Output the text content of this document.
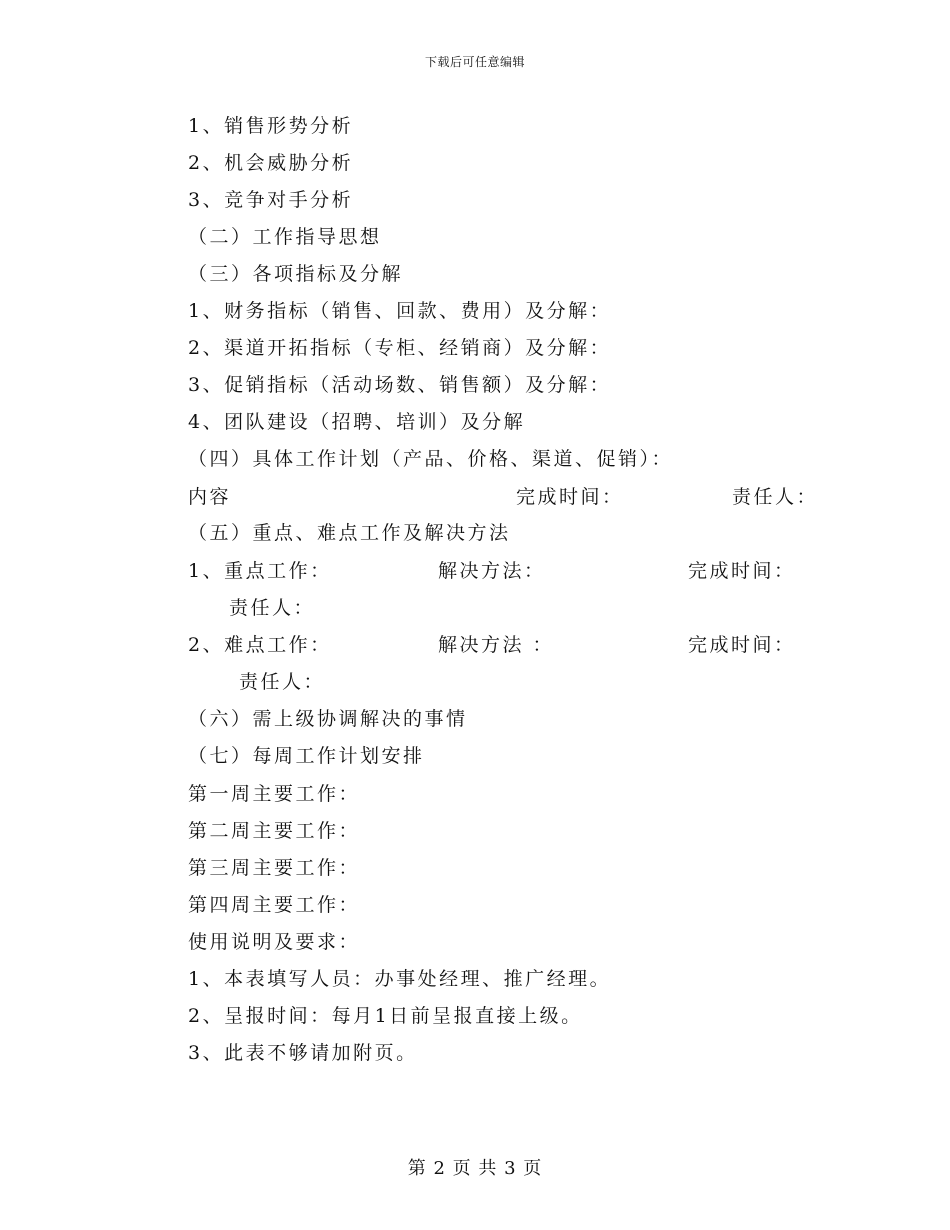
下载后可任意编辑
1、销售形势分析
2、机会威胁分析
3、竞争对手分析
（二）工作指导思想
（三）各项指标及分解
1、财务指标（销售、回款、费用）及分解：
2、渠道开拓指标（专柜、经销商）及分解：
3、促销指标（活动场数、销售额）及分解：
4、团队建设（招聘、培训）及分解
（四）具体工作计划（产品、价格、渠道、促销）：
内容	完成时间：	责任人：
（五）重点、难点工作及解决方法
1、重点工作：	解决方法：	完成时间：
责任人：
2、难点工作：	解决方法 ：	完成时间：
责任人：
（六）需上级协调解决的事情
（七）每周工作计划安排
第一周主要工作：
第二周主要工作：
第三周主要工作：
第四周主要工作：
使用说明及要求：
1、本表填写人员：办事处经理、推广经理。
2、呈报时间：每月1日前呈报直接上级。
3、此表不够请加附页。
第 2 页 共 3 页
